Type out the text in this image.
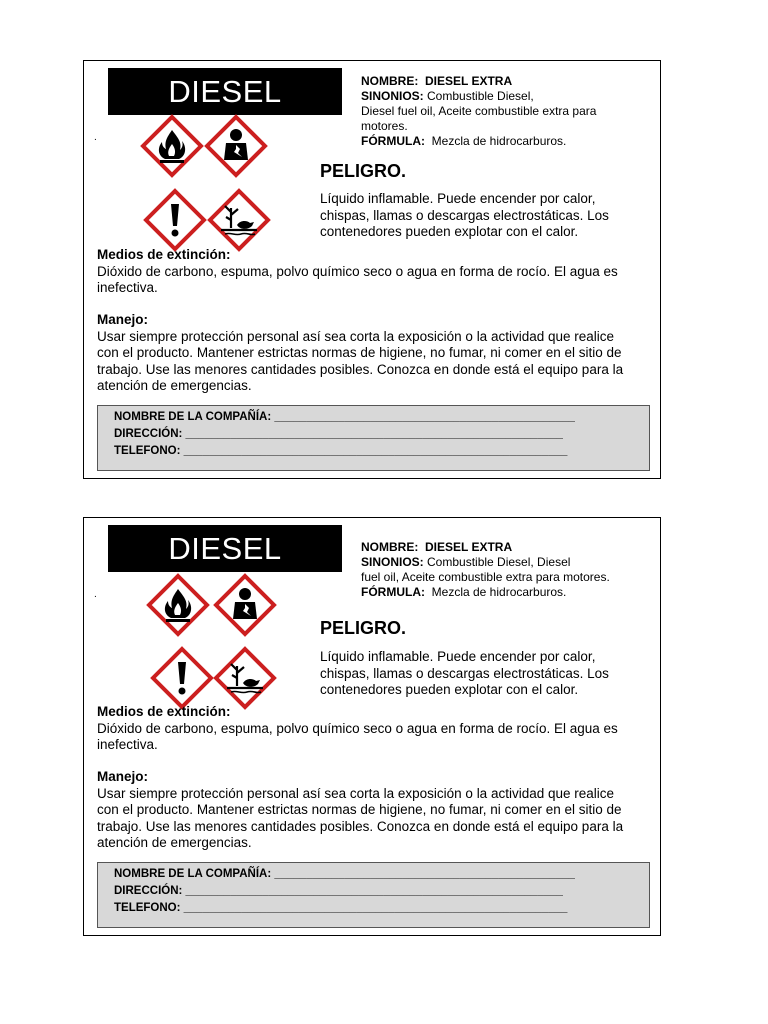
DIESEL
.
NOMBRE: DIESEL EXTRA
SINONIOS: Combustible Diesel,
Diesel fuel oil, Aceite combustible extra para
motores.
FÓRMULA: Mezcla de hidrocarburos.
PELIGRO.
Líquido inflamable. Puede encender por calor,
chispas, llamas o descargas electrostáticas. Los
contenedores pueden explotar con el calor.
Medios de extinción:

Dióxido de carbono, espuma, polvo químico seco o agua en forma de rocío. El agua es

inefectiva.

Manejo:

Usar siempre protección personal así sea corta la exposición o la actividad que realice

con el producto. Mantener estrictas normas de higiene, no fumar, ni comer en el sitio de

trabajo. Use las menores cantidades posibles. Conozca en donde está el equipo para la

atención de emergencias.

NOMBRE DE LA COMPAÑÍA: _______________________________________________
DIRECCIÓN: ___________________________________________________________
TELEFONO: ____________________________________________________________
DIESEL
.
NOMBRE: DIESEL EXTRA
SINONIOS: Combustible Diesel, Diesel
fuel oil, Aceite combustible extra para motores.
FÓRMULA: Mezcla de hidrocarburos.
PELIGRO.
Líquido inflamable. Puede encender por calor,
chispas, llamas o descargas electrostáticas. Los
contenedores pueden explotar con el calor.
Medios de extinción:

Dióxido de carbono, espuma, polvo químico seco o agua en forma de rocío. El agua es

inefectiva.

Manejo:

Usar siempre protección personal así sea corta la exposición o la actividad que realice

con el producto. Mantener estrictas normas de higiene, no fumar, ni comer en el sitio de

trabajo. Use las menores cantidades posibles. Conozca en donde está el equipo para la

atención de emergencias.

NOMBRE DE LA COMPAÑÍA: _______________________________________________
DIRECCIÓN: ___________________________________________________________
TELEFONO: ____________________________________________________________
